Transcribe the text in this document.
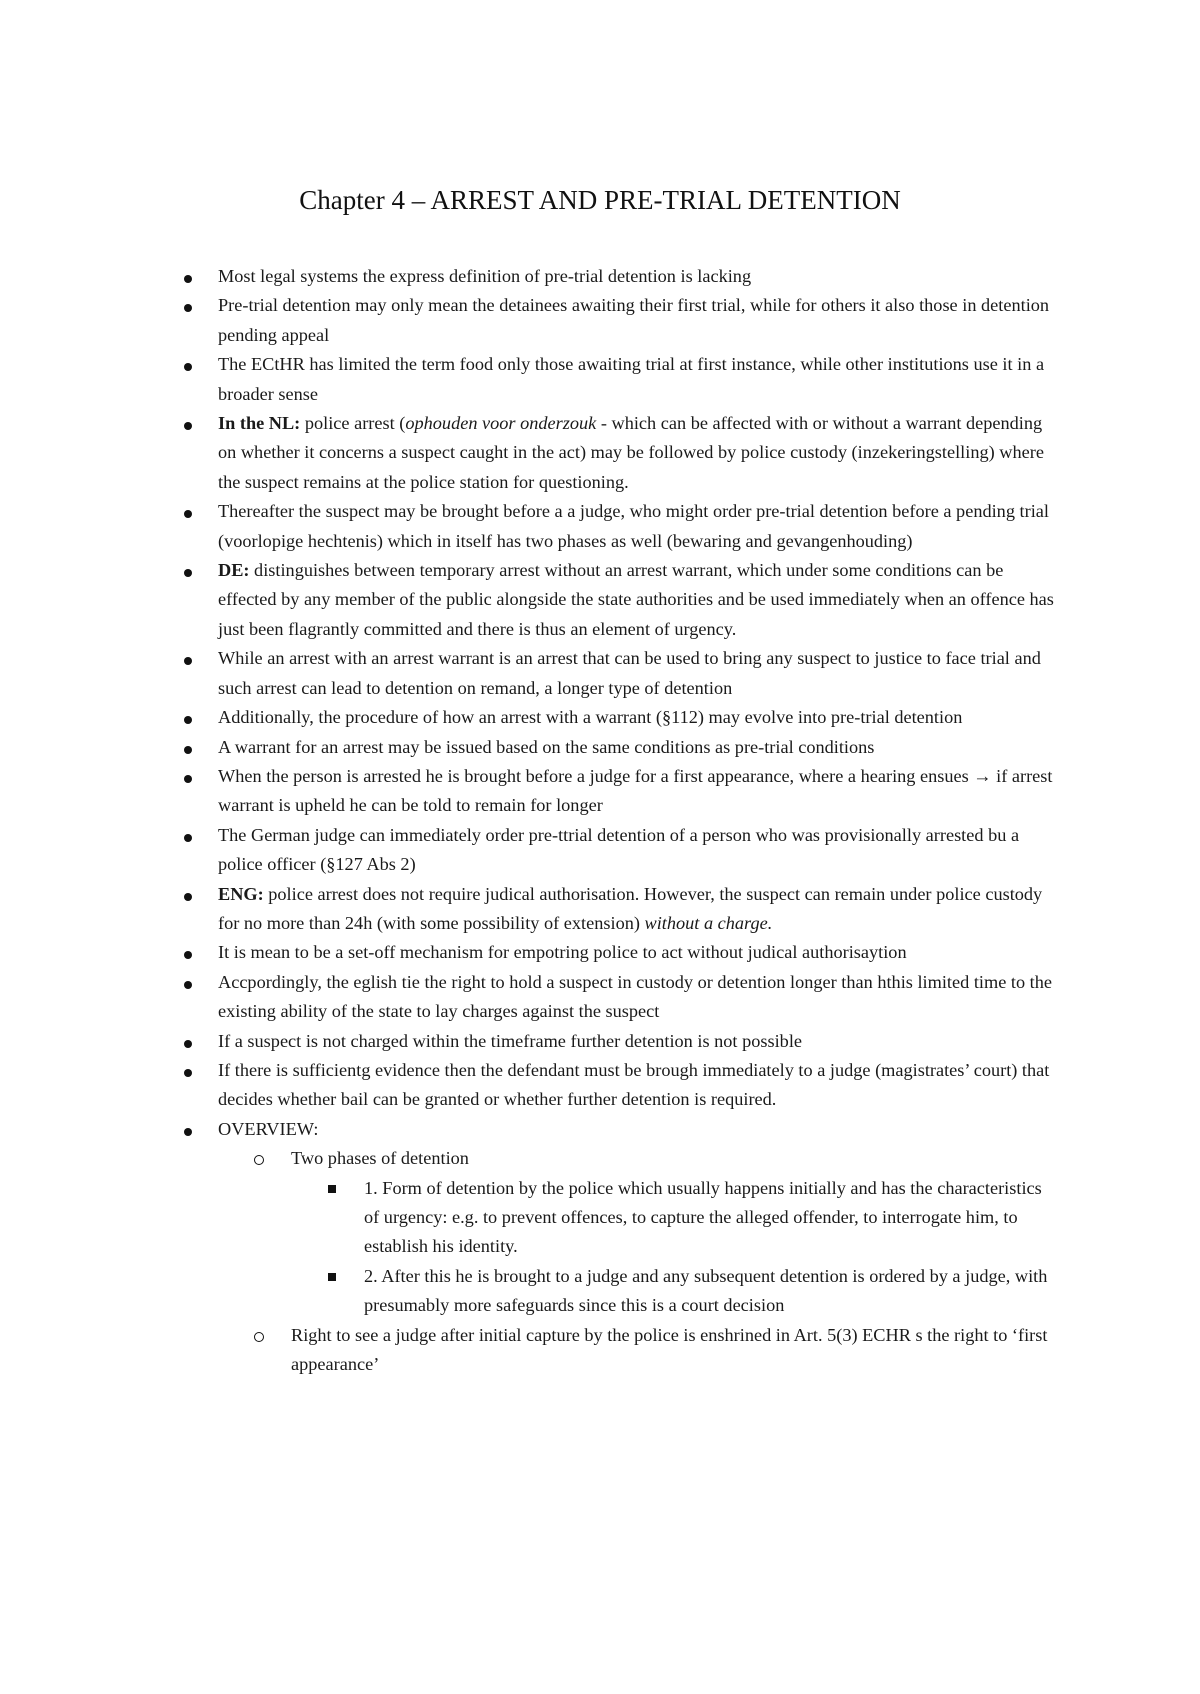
Chapter 4 – ARREST AND PRE-TRIAL DETENTION
Most legal systems the express definition of pre-trial detention is lacking
Pre-trial detention may only mean the detainees awaiting their first trial, while for others it also those in detention pending appeal
The ECtHR has limited the term food only those awaiting trial at first instance, while other institutions use it in a broader sense
In the NL: police arrest (ophouden voor onderzouk - which can be affected with or without a warrant depending on whether it concerns a suspect caught in the act) may be followed by police custody (inzekeringstelling) where the suspect remains at the police station for questioning.
Thereafter the suspect may be brought before a a judge, who might order pre-trial detention before a pending trial (voorlopige hechtenis) which in itself has two phases as well (bewaring and gevangenhouding)
DE: distinguishes between temporary arrest without an arrest warrant, which under some conditions can be effected by any member of the public alongside the state authorities and be used immediately when an offence has just been flagrantly committed and there is thus an element of urgency.
While an arrest with an arrest warrant is an arrest that can be used to bring any suspect to justice to face trial and such arrest can lead to detention on remand, a longer type of detention
Additionally, the procedure of how an arrest with a warrant (§112) may evolve into pre-trial detention
A warrant for an arrest may be issued based on the same conditions as pre-trial conditions
When the person is arrested he is brought before a judge for a first appearance, where a hearing ensues → if arrest warrant is upheld he can be told to remain for longer
The German judge can immediately order pre-ttrial detention of a person who was provisionally arrested bu a police officer (§127 Abs 2)
ENG: police arrest does not require judical authorisation. However, the suspect can remain under police custody for no more than 24h (with some possibility of extension) without a charge.
It is mean to be a set-off mechanism for empotring police to act without judical authorisaytion
Accpordingly, the eglish tie the right to hold a suspect in custody or detention longer than hthis limited time to the existing ability of the state to lay charges against the suspect
If a suspect is not charged within the timeframe further detention is not possible
If there is sufficientg evidence then the defendant must be brough immediately to a judge (magistrates’ court) that decides whether bail can be granted or whether further detention is required.
OVERVIEW:
Two phases of detention
1. Form of detention by the police which usually happens initially and has the characteristics of urgency: e.g. to prevent offences, to capture the alleged offender, to interrogate him, to establish his identity.
2. After this he is brought to a judge and any subsequent detention is ordered by a judge, with presumably more safeguards since this is a court decision
Right to see a judge after initial capture by the police is enshrined in Art. 5(3) ECHR s the right to ‘first appearance’
